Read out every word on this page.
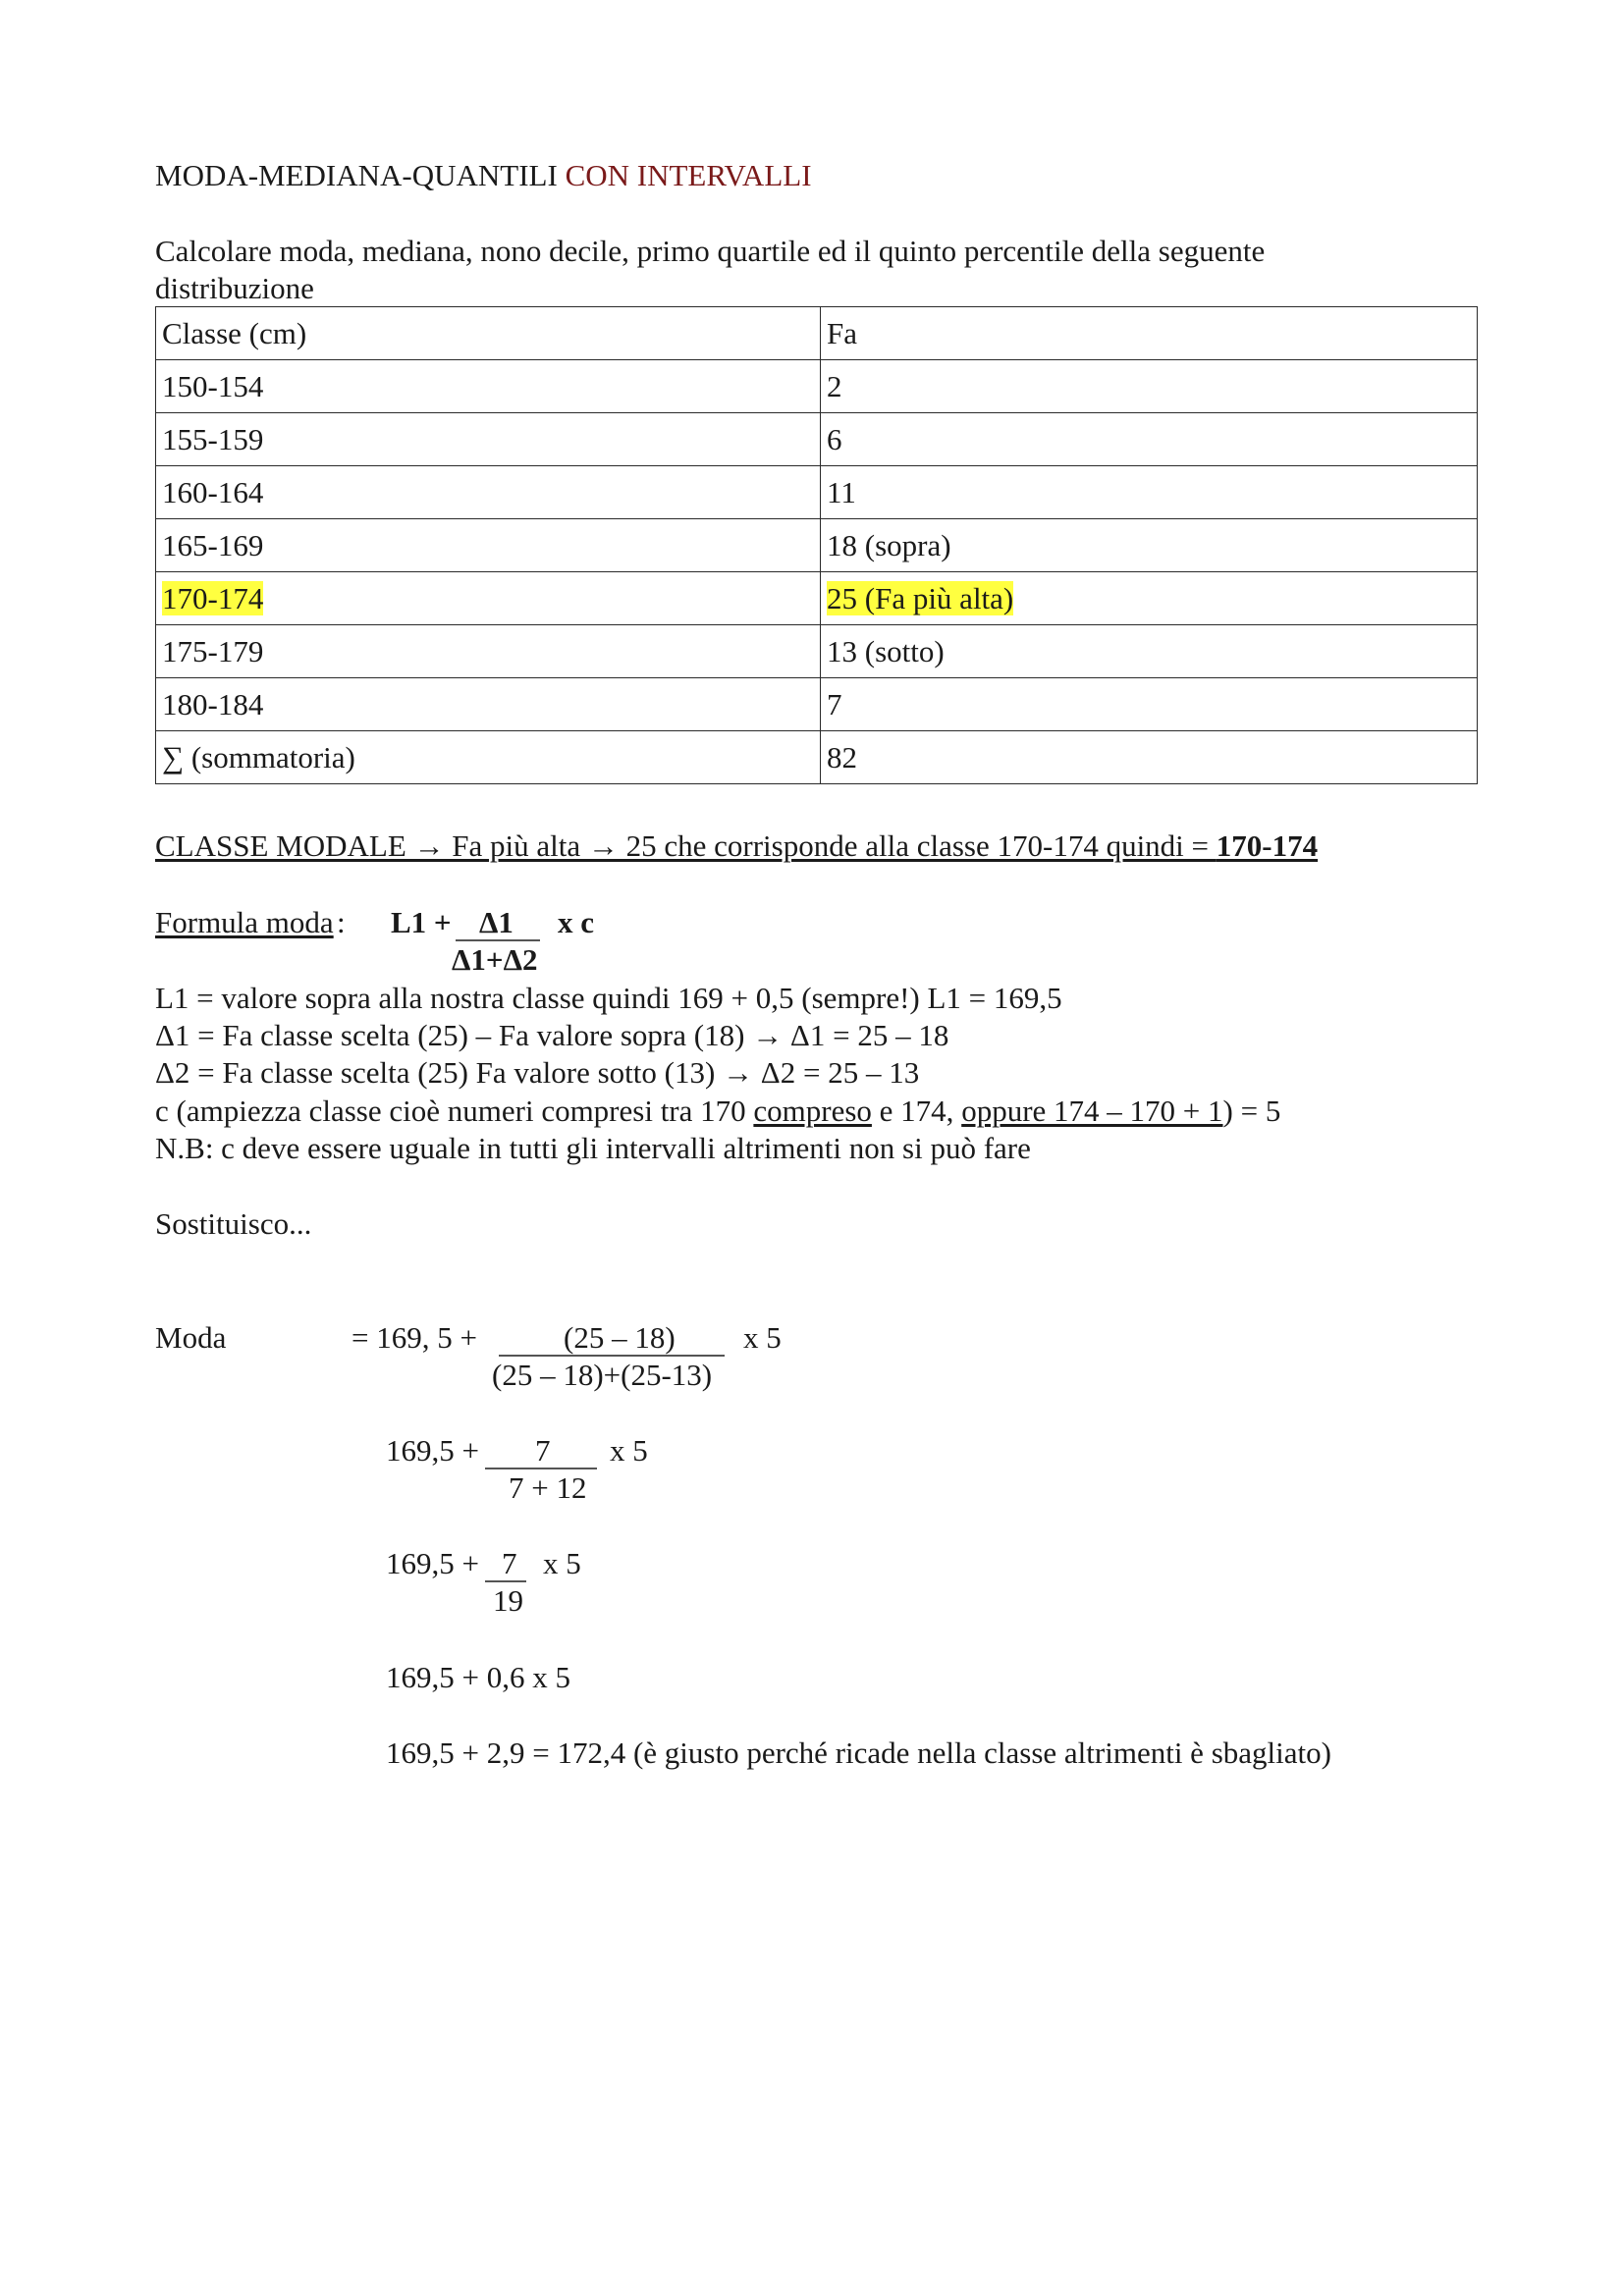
MODA-MEDIANA-QUANTILI CON INTERVALLI
Calcolare moda, mediana, nono decile, primo quartile ed il quinto percentile della seguente
distribuzione
Classe (cm)	Fa
150-154	2
155-159	6
160-164	11
165-169	18 (sopra)
170-174	25 (Fa più alta)
175-179	13 (sotto)
180-184	7
∑ (sommatoria)	82
CLASSE MODALE → Fa più alta → 25 che corrisponde alla classe 170-174 quindi = 170-174
Formula moda : L1 + Δ1
Δ1+Δ2
x c
L1 = valore sopra alla nostra classe quindi 169 + 0,5 (sempre!) L1 = 169,5
Δ1 = Fa classe scelta (25) – Fa valore sopra (18) → Δ1 = 25 – 18
Δ2 = Fa classe scelta (25) Fa valore sotto (13) → Δ2 = 25 – 13
c (ampiezza classe cioè numeri compresi tra 170 compreso e 174, oppure 174 – 170 + 1) = 5
N.B: c deve essere uguale in tutti gli intervalli altrimenti non si può fare
Sostituisco...
Moda	= 169, 5 +	(25 – 18)
(25 – 18)+(25-13)
x 5
169,5 + 7
7 + 12
x 5
169,5 + 7
19
x 5
169,5 + 0,6 x 5
169,5 + 2,9 = 172,4 (è giusto perché ricade nella classe altrimenti è sbagliato)
